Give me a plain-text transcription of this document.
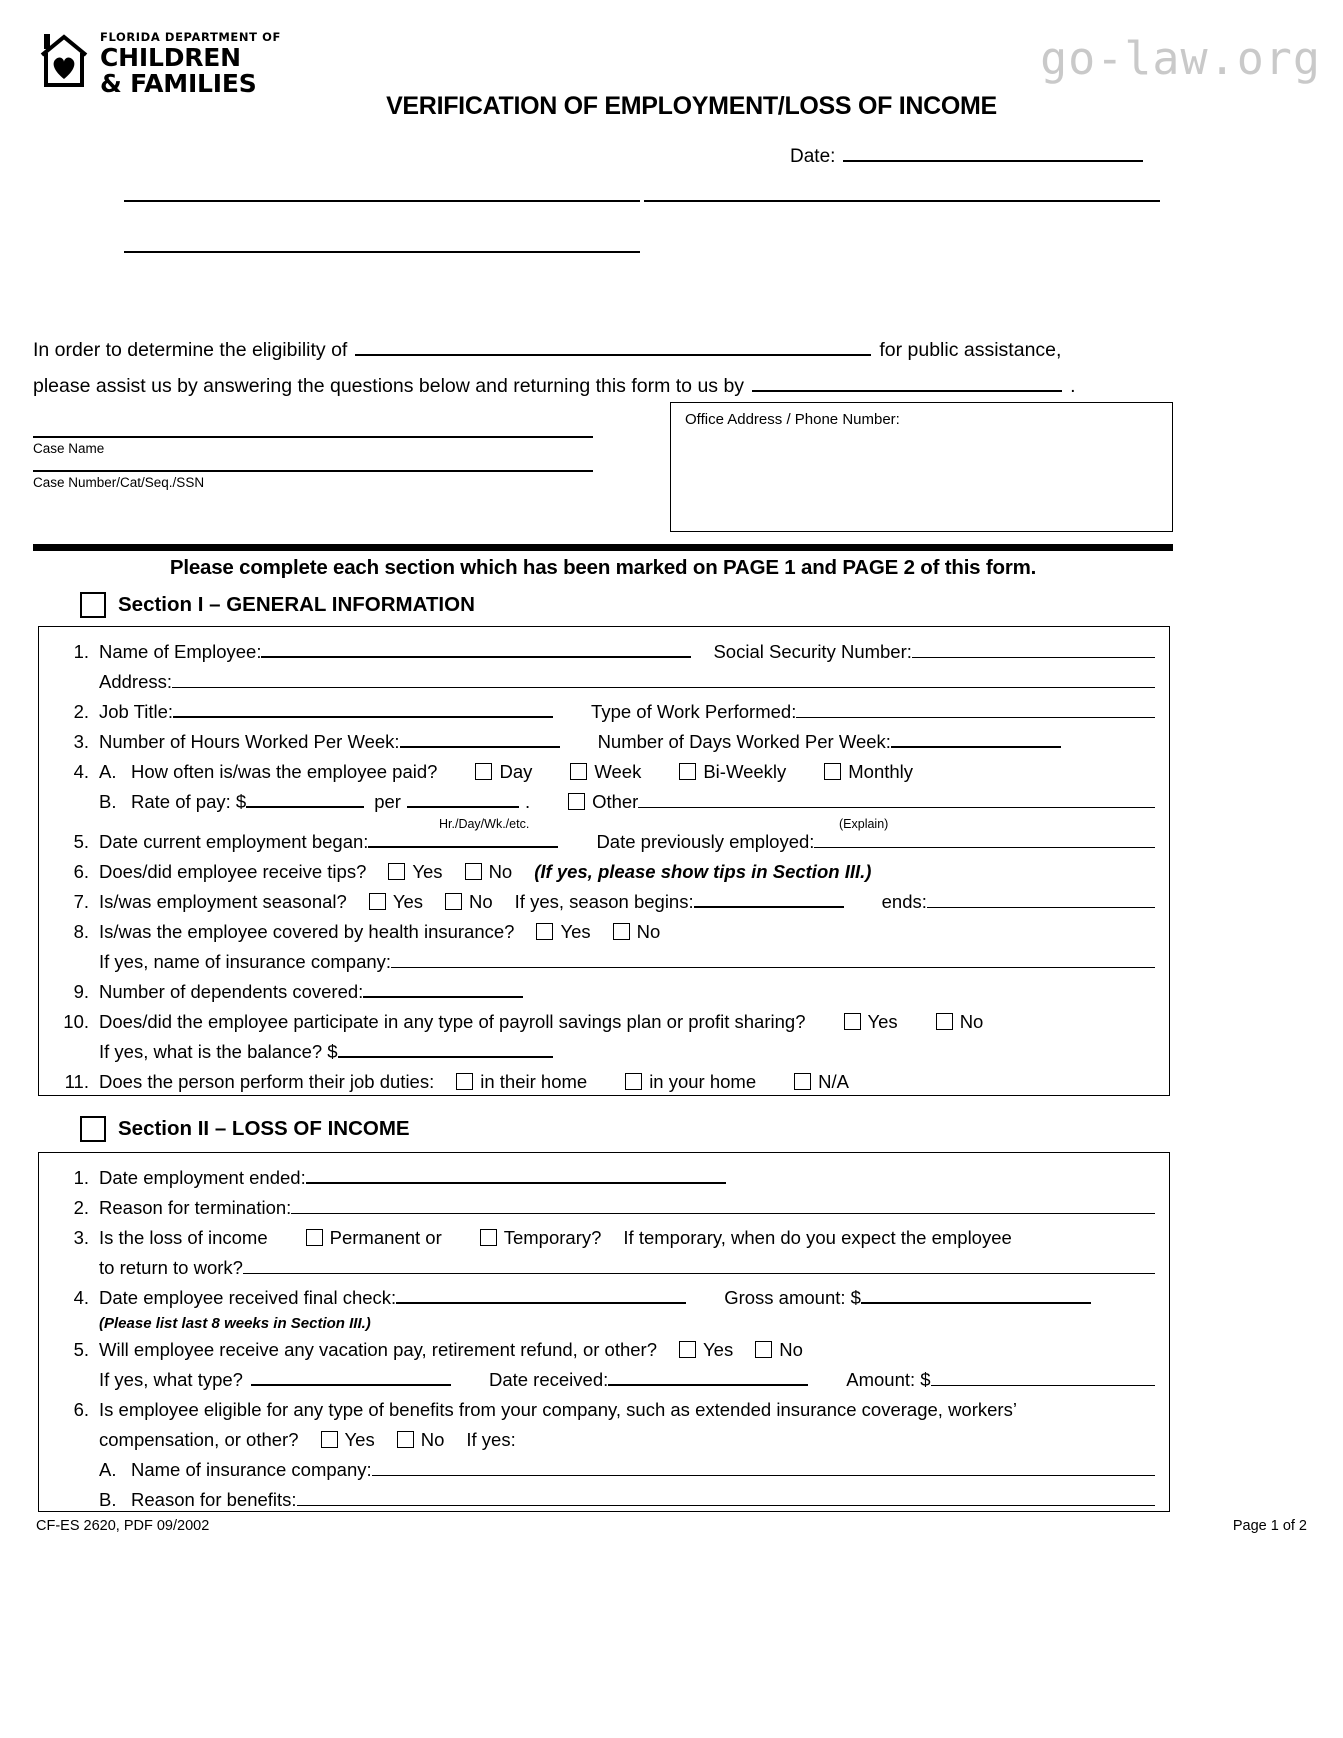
FLORIDA DEPARTMENT OF
CHILDREN
& FAMILIES	go-law.org
VERIFICATION OF EMPLOYMENT/LOSS OF INCOME
Date:

In order to determine the eligibility of	for public assistance,
please assist us by answering the questions below and returning this form to us by	.
Case Name
Case Number/Cat/Seq./SSN
Office Address / Phone Number:
Please complete each section which has been marked on PAGE 1 and PAGE 2 of this form.
Section I – GENERAL INFORMATION
1. Name of Employee:	Social Security Number:
Address:
2. Job Title:	Type of Work Performed:
3. Number of Hours Worked Per Week:	Number of Days Worked Per Week:
4. A. How often is/was the employee paid?	Day	Week	Bi-Weekly	Monthly
B. Rate of pay: $	per	.	Other
Hr./Day/Wk./etc.	(Explain)
5. Date current employment began:	Date previously employed:
6. Does/did employee receive tips? Yes No (If yes, please show tips in Section III.)
7. Is/was employment seasonal? Yes No If yes, season begins:	ends:
8. Is/was the employee covered by health insurance? Yes No
If yes, name of insurance company:
9. Number of dependents covered:
10. Does/did the employee participate in any type of payroll savings plan or profit sharing?	Yes	No
If yes, what is the balance? $
11. Does the person perform their job duties: in their home	in your home	N/A
Section II – LOSS OF INCOME
1. Date employment ended:
2. Reason for termination:
3. Is the loss of income	Permanent or	Temporary? If temporary, when do you expect the employee
to return to work?
4. Date employee received final check:	Gross amount: $
(Please list last 8 weeks in Section III.)
5. Will employee receive any vacation pay, retirement refund, or other? Yes No
If yes, what type?	Date received:	Amount: $
6. Is employee eligible for any type of benefits from your company, such as extended insurance coverage, workers’
compensation, or other? Yes No If yes:
A. Name of insurance company:
B. Reason for benefits:
CF-ES 2620, PDF 09/2002	Page 1 of 2
